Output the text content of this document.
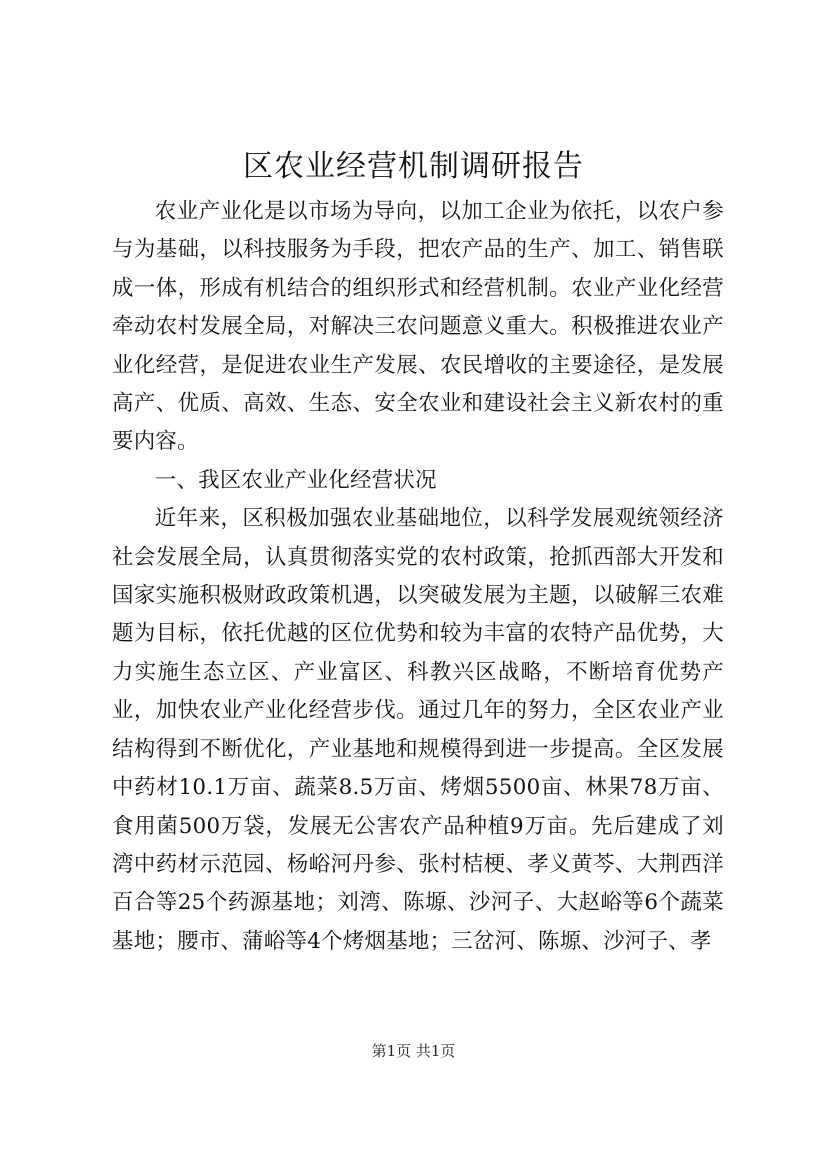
区农业经营机制调研报告

农业产业化是以市场为导向，以加工企业为依托，以农户参与为基础，以科技服务为手段，把农产品的生产、加工、销售联成一体，形成有机结合的组织形式和经营机制。农业产业化经营牵动农村发展全局，对解决三农问题意义重大。积极推进农业产业化经营，是促进农业生产发展、农民增收的主要途径，是发展高产、优质、高效、生态、安全农业和建设社会主义新农村的重要内容。

一、我区农业产业化经营状况

近年来，区积极加强农业基础地位，以科学发展观统领经济社会发展全局，认真贯彻落实党的农村政策，抢抓西部大开发和国家实施积极财政政策机遇，以突破发展为主题，以破解三农难题为目标，依托优越的区位优势和较为丰富的农特产品优势，大力实施生态立区、产业富区、科教兴区战略，不断培育优势产业，加快农业产业化经营步伐。通过几年的努力，全区农业产业结构得到不断优化，产业基地和规模得到进一步提高。全区发展中药材10.1万亩、蔬菜8.5万亩、烤烟5500亩、林果78万亩、食用菌500万袋，发展无公害农产品种植9万亩。先后建成了刘湾中药材示范园、杨峪河丹参、张村桔梗、孝义黄芩、大荆西洋百合等25个药源基地；刘湾、陈塬、沙河子、大赵峪等6个蔬菜基地；腰市、蒲峪等4个烤烟基地；三岔河、陈塬、沙河子、孝

第1页 共1页
